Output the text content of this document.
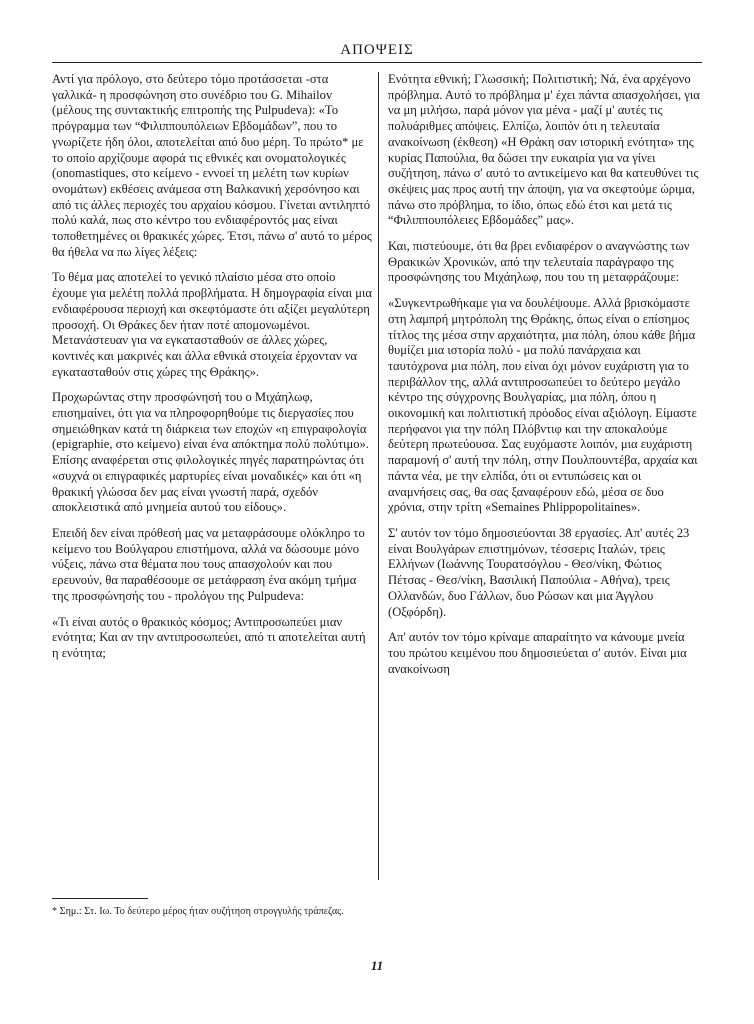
ΑΠΟΨΕΙΣ

Αντί για πρόλογο, στο δεύτερο τόμο προτάσσεται -στα γαλλικά- η προσφώνηση στο συνέδριο του G. Mihailov (μέλους της συντακτικής επιτροπής της Pulpudeva): «Το πρόγραμμα των “Φιλιππουπόλειων Εβδομάδων”, που το γνωρίζετε ήδη όλοι, αποτελείται από δυο μέρη. Το πρώτο* με το οποίο αρχίζουμε αφορά τις εθνικές και ονοματολογικές (onomastiques, στο κείμενο - εννοεί τη μελέτη των κυρίων ονομάτων) εκθέσεις ανάμεσα στη Βαλκανική χερσόνησο και από τις άλλες περιοχές του αρχαίου κόσμου. Γίνεται αντιληπτό πολύ καλά, πως στο κέντρο του ενδιαφέροντός μας είναι τοποθετημένες οι θρακικές χώρες. Έτσι, πάνω σ' αυτό το μέρος θα ήθελα να πω λίγες λέξεις:

Το θέμα μας αποτελεί το γενικό πλαίσιο μέσα στο οποίο έχουμε για μελέτη πολλά προβλήματα. Η δημογραφία είναι μια ενδιαφέρουσα περιοχή και σκεφτόμαστε ότι αξίζει μεγαλύτερη προσοχή. Οι Θράκες δεν ήταν ποτέ απομονωμένοι. Μετανάστευαν για να εγκατασταθούν σε άλλες χώρες, κοντινές και μακρινές και άλλα εθνικά στοιχεία έρχονταν να εγκατασταθούν στις χώρες της Θράκης».

Προχωρώντας στην προσφώνησή του ο Μιχάηλωφ, επισημαίνει, ότι για να πληροφορηθούμε τις διεργασίες που σημειώθηκαν κατά τη διάρκεια των εποχών «η επιγραφολογία (epigraphie, στο κείμενο) είναι ένα απόκτημα πολύ πολύτιμο». Επίσης αναφέρεται στις φιλολογικές πηγές παρατηρώντας ότι «συχνά οι επιγραφικές μαρτυρίες είναι μοναδικές» και ότι «η θρακική γλώσσα δεν μας είναι γνωστή παρά, σχεδόν αποκλειστικά από μνημεία αυτού του είδους».

Επειδή δεν είναι πρόθεσή μας να μεταφράσουμε ολόκληρο το κείμενο του Βούλγαρου επιστήμονα, αλλά να δώσουμε μόνο νύξεις, πάνω στα θέματα που τους απασχολούν και που ερευνούν, θα παραθέσουμε σε μετάφραση ένα ακόμη τμήμα της προσφώνησής του - προλόγου της Pulpudeva:

«Τι είναι αυτός ο θρακικός κόσμος; Αντιπροσωπεύει μιαν ενότητα; Και αν την αντιπροσωπεύει, από τι αποτελείται αυτή η ενότητα;

Ενότητα εθνική; Γλωσσική; Πολιτιστική; Νά, ένα αρχέγονο πρόβλημα. Αυτό το πρόβλημα μ' έχει πάντα απασχολήσει, για να μη μιλήσω, παρά μόνον για μένα - μαζί μ' αυτές τις πολυάριθμες απόψεις. Ελπίζω, λοιπόν ότι η τελευταία ανακοίνωση (έκθεση) «Η Θράκη σαν ιστορική ενότητα» της κυρίας Παπούλια, θα δώσει την ευκαιρία για να γίνει συζήτηση, πάνω σ' αυτό το αντικείμενο και θα κατευθύνει τις σκέψεις μας προς αυτή την άποψη, για να σκεφτούμε ώριμα, πάνω στο πρόβλημα, το ίδιο, όπως εδώ έτσι και μετά τις “Φιλιππουπόλειες Εβδομάδες” μας».

Και, πιστεύουμε, ότι θα βρει ενδιαφέρον ο αναγνώστης των Θρακικών Χρονικών, από την τελευταία παράγραφο της προσφώνησης του Μιχάηλωφ, που του τη μεταφράζουμε:

«Συγκεντρωθήκαμε για να δουλέψουμε. Αλλά βρισκόμαστε στη λαμπρή μητρόπολη της Θράκης, όπως είναι ο επίσημος τίτλος της μέσα στην αρχαιότητα, μια πόλη, όπου κάθε βήμα θυμίζει μια ιστορία πολύ - μα πολύ πανάρχαια και ταυτόχρονα μια πόλη, που είναι όχι μόνον ευχάριστη για το περιβάλλον της, αλλά αντιπροσωπεύει το δεύτερο μεγάλο κέντρο της σύγχρονης Βουλγαρίας, μια πόλη, όπου η οικονομική και πολιτιστική πρόοδος είναι αξιόλογη. Είμαστε περήφανοι για την πόλη Πλόβντιφ και την αποκαλούμε δεύτερη πρωτεύουσα. Σας ευχόμαστε λοιπόν, μια ευχάριστη παραμονή σ' αυτή την πόλη, στην Πουλπουντέβα, αρχαία και πάντα νέα, με την ελπίδα, ότι οι εντυπώσεις και οι αναμνήσεις σας, θα σας ξαναφέρουν εδώ, μέσα σε δυο χρόνια, στην τρίτη «Semaines Phlippopolitaines».

Σ' αυτόν τον τόμο δημοσιεύονται 38 εργασίες. Απ' αυτές 23 είναι Βουλγάρων επιστημόνων, τέσσερις Ιταλών, τρεις Ελλήνων (Ιωάννης Τουρατσόγλου - Θεσ/νίκη, Φώτιος Πέτσας - Θεσ/νίκη, Βασιλική Παπούλια - Αθήνα), τρεις Ολλανδών, δυο Γάλλων, δυο Ρώσων και μια Άγγλου (Οξφόρδη).

Απ' αυτόν τον τόμο κρίναμε απαραίτητο να κάνουμε μνεία του πρώτου κειμένου που δημοσιεύεται σ' αυτόν. Είναι μια ανακοίνωση

* Σημ.: Στ. Ιω. Το δεύτερο μέρος ήταν συζήτηση στρογγυλής τράπεζας.
11
